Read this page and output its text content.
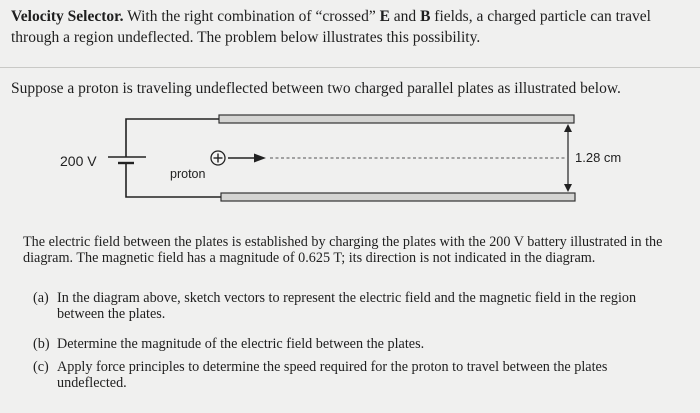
Velocity Selector. With the right combination of “crossed” E and B fields, a charged particle can travel through a region undeflected. The problem below illustrates this possibility.
Suppose a proton is traveling undeflected between two charged parallel plates as illustrated below.
200 V
proton
1.28 cm
The electric field between the plates is established by charging the plates with the 200 V battery illustrated in the diagram. The magnetic field has a magnitude of 0.625 T; its direction is not indicated in the diagram.
(a) In the diagram above, sketch vectors to represent the electric field and the magnetic field in the region between the plates.
(b) Determine the magnitude of the electric field between the plates.
(c) Apply force principles to determine the speed required for the proton to travel between the plates undeflected.
